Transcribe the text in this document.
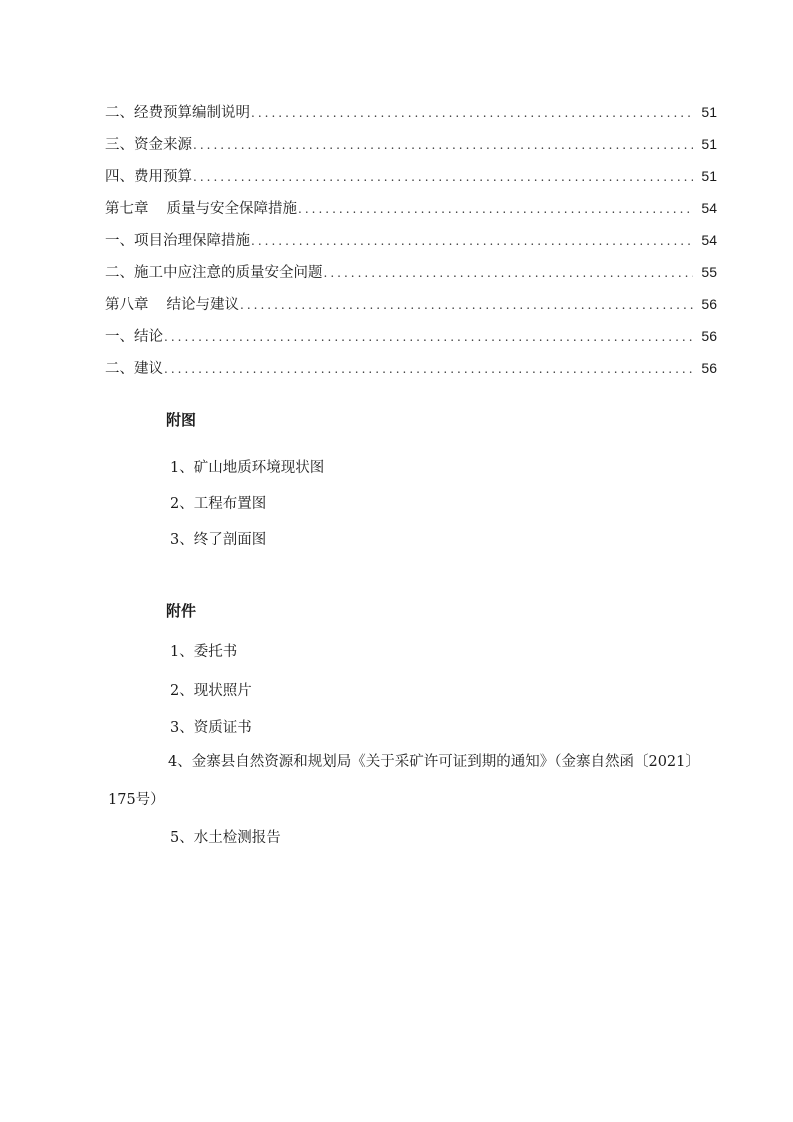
二、经费预算编制说明 .....	51
三、资金来源 .....	51
四、费用预算 .....	51
第七章 质量与安全保障措施 .....	54
一、项目治理保障措施 .....	54
二、施工中应注意的质量安全问题 .....	55
第八章 结论与建议 .....	56
一、结论 .....	56
二、建议 .....	56
附图
1、矿山地质环境现状图
2、工程布置图
3、终了剖面图
附件
1、委托书
2、现状照片
3、资质证书
4、金寨县自然资源和规划局《关于采矿许可证到期的通知》（金寨自然函〔2021〕175号）
5、水土检测报告
